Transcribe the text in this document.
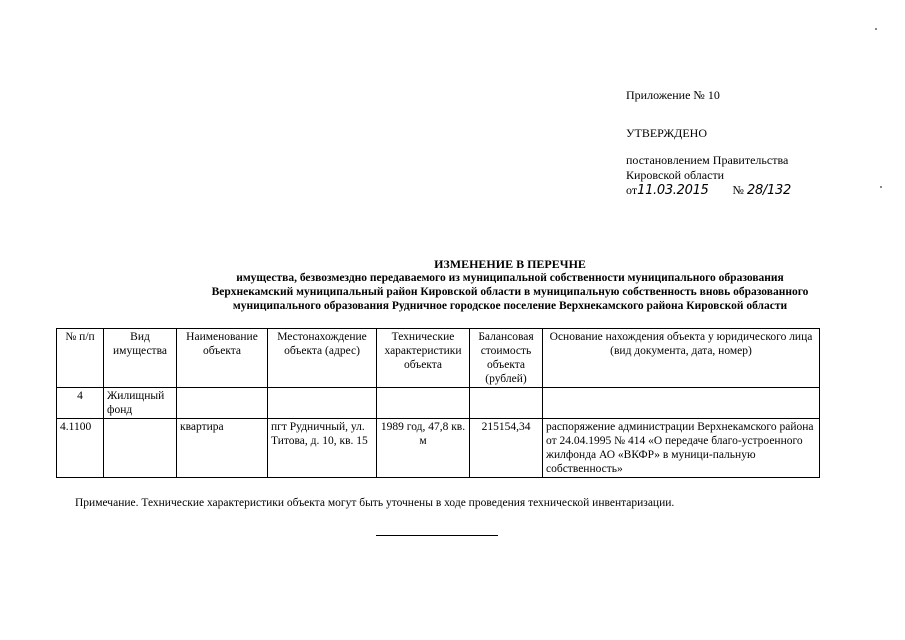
Приложение № 10
УТВЕРЖДЕНО
постановлением Правительства
Кировской области
от11.03.2015 № 28/132
ИЗМЕНЕНИЕ В ПЕРЕЧНЕ
имущества, безвозмездно передаваемого из муниципальной собственности муниципального образования
Верхнекамский муниципальный район Кировской области в муниципальную собственность вновь образованного
муниципального образования Рудничное городское поселение Верхнекамского района Кировской области
№ п/п	Вид имущества	Наименование объекта	Местонахождение объекта (адрес)	Технические характеристики объекта	Балансовая стоимость объекта (рублей)	Основание нахождения объекта у юридического лица (вид документа, дата, номер)
4	Жилищный фонд					
4.1100		квартира	пгт Рудничный, ул. Титова, д. 10, кв. 15	1989 год, 47,8 кв. м	215154,34	распоряжение администрации Верхнекамского района от 24.04.1995 № 414 «О передаче благо-устроенного жилфонда АО «ВКФР» в муници-пальную собственность»
Примечание. Технические характеристики объекта могут быть уточнены в ходе проведения технической инвентаризации.
